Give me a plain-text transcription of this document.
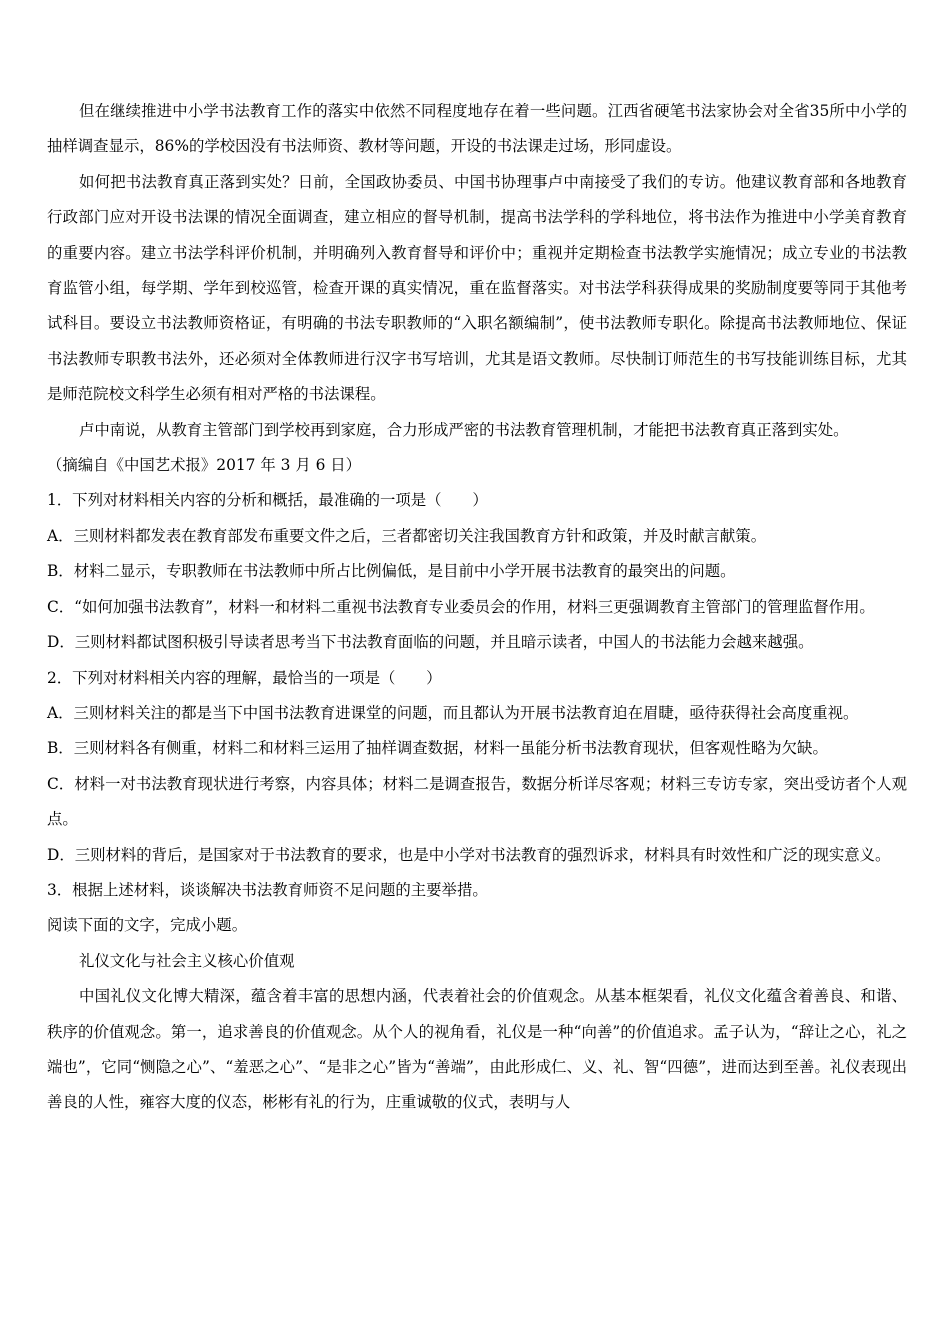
但在继续推进中小学书法教育工作的落实中依然不同程度地存在着一些问题。江西省硬笔书法家协会对全省35所中小学的抽样调查显示，86%的学校因没有书法师资、教材等问题，开设的书法课走过场，形同虚设。

如何把书法教育真正落到实处？日前，全国政协委员、中国书协理事卢中南接受了我们的专访。他建议教育部和各地教育行政部门应对开设书法课的情况全面调查，建立相应的督导机制，提高书法学科的学科地位，将书法作为推进中小学美育教育的重要内容。建立书法学科评价机制，并明确列入教育督导和评价中；重视并定期检查书法教学实施情况；成立专业的书法教育监管小组，每学期、学年到校巡管，检查开课的真实情况，重在监督落实。对书法学科获得成果的奖励制度要等同于其他考试科目。要设立书法教师资格证，有明确的书法专职教师的“入职名额编制”，使书法教师专职化。除提高书法教师地位、保证书法教师专职教书法外，还必须对全体教师进行汉字书写培训，尤其是语文教师。尽快制订师范生的书写技能训练目标，尤其是师范院校文科学生必须有相对严格的书法课程。

卢中南说，从教育主管部门到学校再到家庭，合力形成严密的书法教育管理机制，才能把书法教育真正落到实处。

（摘编自《中国艺术报》2017 年 3 月 6 日）

1．下列对材料相关内容的分析和概括，最准确的一项是（　　）

A．三则材料都发表在教育部发布重要文件之后，三者都密切关注我国教育方针和政策，并及时献言献策。

B．材料二显示，专职教师在书法教师中所占比例偏低，是目前中小学开展书法教育的最突出的问题。

C．“如何加强书法教育”，材料一和材料二重视书法教育专业委员会的作用，材料三更强调教育主管部门的管理监督作用。

D．三则材料都试图积极引导读者思考当下书法教育面临的问题，并且暗示读者，中国人的书法能力会越来越强。

2．下列对材料相关内容的理解，最恰当的一项是（　　）

A．三则材料关注的都是当下中国书法教育进课堂的问题，而且都认为开展书法教育迫在眉睫，亟待获得社会高度重视。

B．三则材料各有侧重，材料二和材料三运用了抽样调查数据，材料一虽能分析书法教育现状，但客观性略为欠缺。

C．材料一对书法教育现状进行考察，内容具体；材料二是调查报告，数据分析详尽客观；材料三专访专家，突出受访者个人观点。

D．三则材料的背后，是国家对于书法教育的要求，也是中小学对书法教育的强烈诉求，材料具有时效性和广泛的现实意义。

3．根据上述材料，谈谈解决书法教育师资不足问题的主要举措。

阅读下面的文字，完成小题。

礼仪文化与社会主义核心价值观

中国礼仪文化博大精深，蕴含着丰富的思想内涵，代表着社会的价值观念。从基本框架看，礼仪文化蕴含着善良、和谐、秩序的价值观念。第一，追求善良的价值观念。从个人的视角看，礼仪是一种“向善”的价值追求。孟子认为，“辞让之心，礼之端也”，它同“恻隐之心”、“羞恶之心”、“是非之心”皆为“善端”，由此形成仁、义、礼、智“四德”，进而达到至善。礼仪表现出善良的人性，雍容大度的仪态，彬彬有礼的行为，庄重诚敬的仪式，表明与人
